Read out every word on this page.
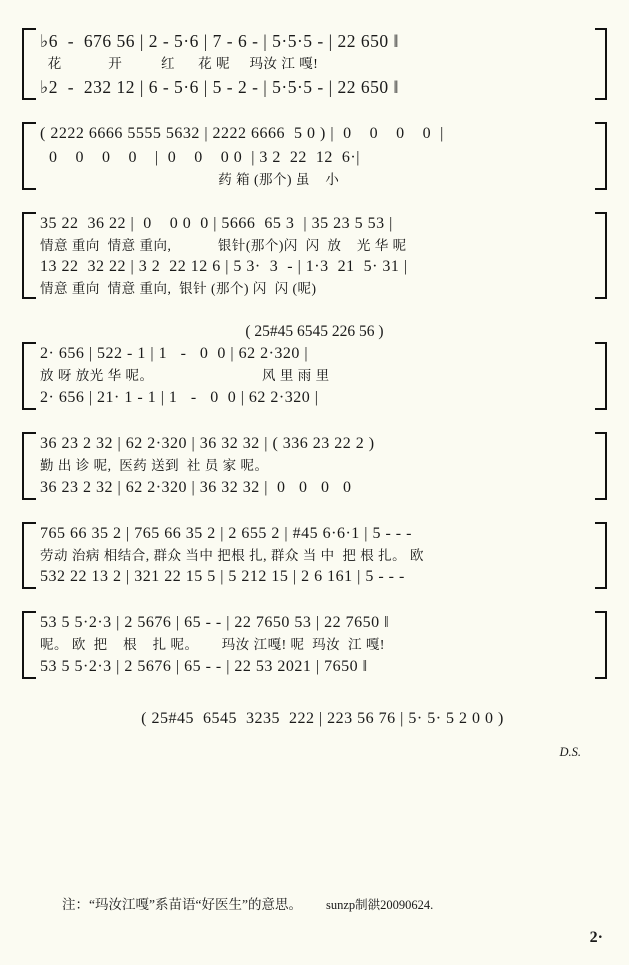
♭6  -  676 56 | 2 - 5·6 | 7 - 6 - | 5·5·5 - | 22 650 ‖
花            开          红      花 呢     玛汝 江 嘎!
♭2  -  232 12 | 6 - 5·6 | 5 - 2 - | 5·5·5 - | 22 650 ‖
( 2222 6666 5555 5632 | 2222 6666  5 0 ) |  0    0    0    0  |
0    0    0    0    |  0    0    0 0  | 3 2  22  12  6·|
药 箱 (那个) 虽    小
35 22  36 22 |  0    0 0  0 | 5666  65 3  | 35 23 5 53 |
情意 重向  情意 重向,            银针(那个)闪  闪  放    光 华 呢
13 22  32 22 | 3 2  22 12 6 | 5 3·  3  - | 1·3  21  5· 31 |
情意 重向  情意 重向,  银针 (那个) 闪  闪 (呢)
( 25#45 6545 226 56 )
2· 656 | 522 - 1 | 1   -   0  0 | 62 2·320 |
放 呀 放光 华 呢。                            风 里 雨 里
2· 656 | 21· 1 - 1 | 1   -   0  0 | 62 2·320 |
36 23 2 32 | 62 2·320 | 36 32 32 | ( 336 23 22 2 )
勤 出 诊 呢,  医药 送到  社 员 家 呢。
36 23 2 32 | 62 2·320 | 36 32 32 |  0   0   0   0
765 66 35 2 | 765 66 35 2 | 2 655 2 | #45 6·6·1 | 5 - - -
劳动 治病 相结合, 群众 当中 把根 扎, 群众 当 中  把 根 扎。 欧
532 22 13 2 | 321 22 15 5 | 5 212 15 | 2 6 161 | 5 - - -
53 5 5·2·3 | 2 5676 | 65 - - | 22 7650 53 | 22 7650 ‖
呢。 欧  把    根    扎 呢。      玛汝 江嘎! 呢  玛汝  江 嘎!
53 5 5·2·3 | 2 5676 | 65 - - | 22 53 2021 | 7650 ‖
( 25#45  6545  3235  222 | 223 56 76 | 5· 5· 5 2 0 0 )
D.S.
注：“玛汝江嘎”系苗语“好医生”的意思。 sunzp制谼20090624.
2·
